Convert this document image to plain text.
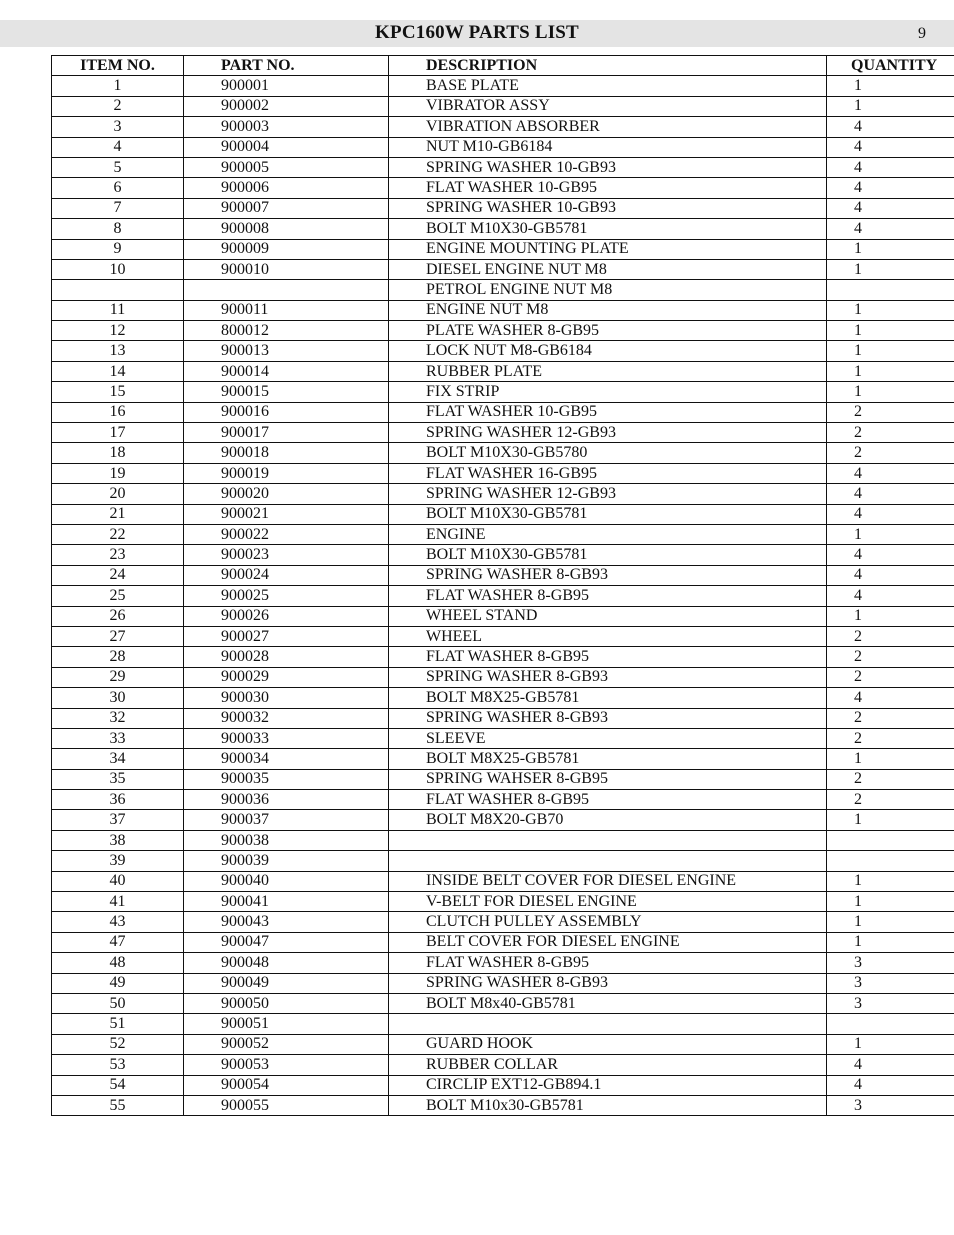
KPC160W PARTS LIST	9
ITEM NO.	PART NO.	DESCRIPTION	QUANTITY
1	900001	BASE PLATE	1
2	900002	VIBRATOR ASSY	1
3	900003	VIBRATION ABSORBER	4
4	900004	NUT M10-GB6184	4
5	900005	SPRING WASHER 10-GB93	4
6	900006	FLAT WASHER 10-GB95	4
7	900007	SPRING WASHER 10-GB93	4
8	900008	BOLT M10X30-GB5781	4
9	900009	ENGINE MOUNTING PLATE	1
10	900010	DIESEL ENGINE NUT M8	1
		PETROL ENGINE NUT M8	
11	900011	ENGINE NUT M8	1
12	800012	PLATE WASHER 8-GB95	1
13	900013	LOCK NUT M8-GB6184	1
14	900014	RUBBER PLATE	1
15	900015	FIX STRIP	1
16	900016	FLAT WASHER 10-GB95	2
17	900017	SPRING WASHER 12-GB93	2
18	900018	BOLT M10X30-GB5780	2
19	900019	FLAT WASHER 16-GB95	4
20	900020	SPRING WASHER 12-GB93	4
21	900021	BOLT M10X30-GB5781	4
22	900022	ENGINE	1
23	900023	BOLT M10X30-GB5781	4
24	900024	SPRING WASHER 8-GB93	4
25	900025	FLAT WASHER 8-GB95	4
26	900026	WHEEL STAND	1
27	900027	WHEEL	2
28	900028	FLAT WASHER 8-GB95	2
29	900029	SPRING WASHER 8-GB93	2
30	900030	BOLT M8X25-GB5781	4
32	900032	SPRING WASHER 8-GB93	2
33	900033	SLEEVE	2
34	900034	BOLT M8X25-GB5781	1
35	900035	SPRING WAHSER 8-GB95	2
36	900036	FLAT WASHER 8-GB95	2
37	900037	BOLT M8X20-GB70	1
38	900038		
39	900039		
40	900040	INSIDE BELT COVER FOR DIESEL ENGINE	1
41	900041	V-BELT FOR DIESEL ENGINE	1
43	900043	CLUTCH PULLEY ASSEMBLY	1
47	900047	BELT COVER FOR DIESEL ENGINE	1
48	900048	FLAT WASHER 8-GB95	3
49	900049	SPRING WASHER 8-GB93	3
50	900050	BOLT M8x40-GB5781	3
51	900051		
52	900052	GUARD HOOK	1
53	900053	RUBBER COLLAR	4
54	900054	CIRCLIP EXT12-GB894.1	4
55	900055	BOLT M10x30-GB5781	3
